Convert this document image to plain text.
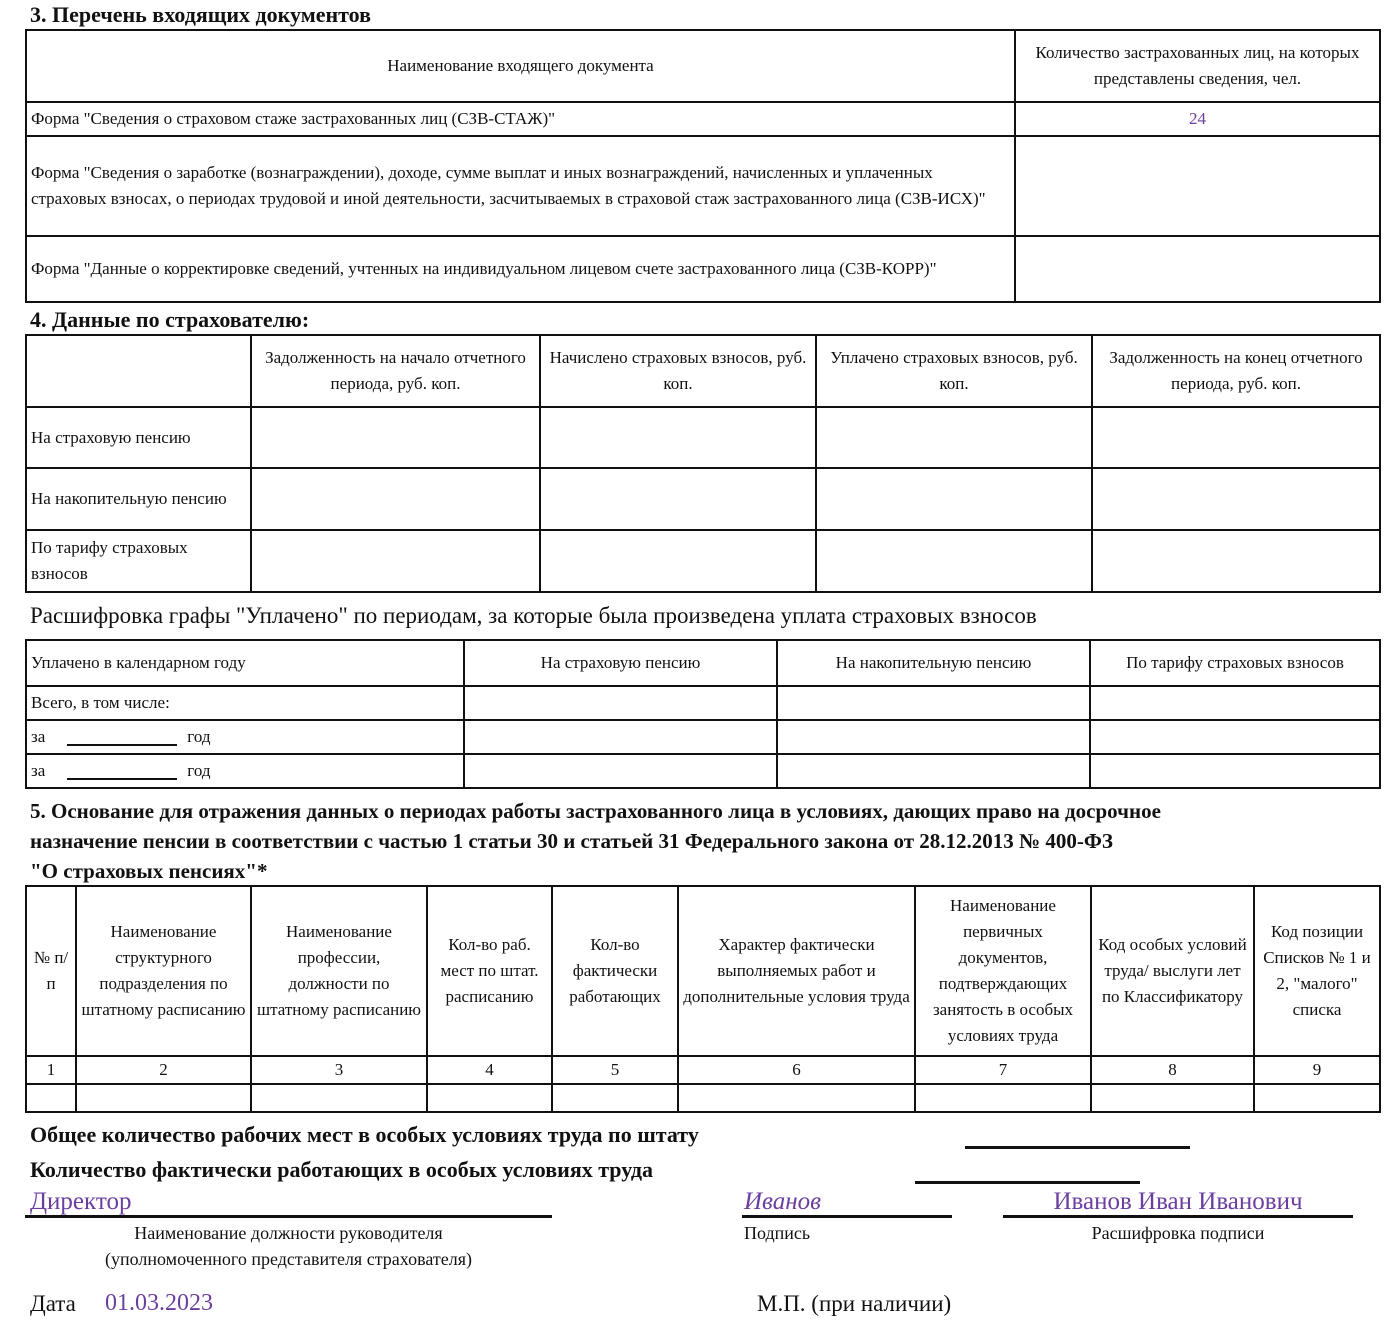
3. Перечень входящих документов
Наименование входящего документа	Количество застрахованных лиц, на которых представлены сведения, чел.
Форма "Сведения о страховом стаже застрахованных лиц (СЗВ-СТАЖ)"	24
Форма "Сведения о заработке (вознаграждении), доходе, сумме выплат и иных вознаграждений, начисленных и уплаченных страховых взносах, о периодах трудовой и иной деятельности, засчитываемых в страховой стаж застрахованного лица (СЗВ-ИСХ)"	
Форма "Данные о корректировке сведений, учтенных на индивидуальном лицевом счете застрахованного лица (СЗВ-КОРР)"	
4. Данные по страхователю:
	Задолженность на начало отчетного периода, руб. коп.	Начислено страховых взносов, руб. коп.	Уплачено страховых взносов, руб. коп.	Задолженность на конец отчетного периода, руб. коп.
На страховую пенсию				
На накопительную пенсию				
По тарифу страховых взносов				
Расшифровка графы "Уплачено" по периодам, за которые была произведена уплата страховых взносов
Уплачено в календарном году	На страховую пенсию	На накопительную пенсию	По тарифу страховых взносов
Всего, в том числе:			
за год			
за год			
5. Основание для отражения данных о периодах работы застрахованного лица в условиях, дающих право на досрочное
назначение пенсии в соответствии с частью 1 статьи 30 и статьей 31 Федерального закона от 28.12.2013 № 400-ФЗ
"О страховых пенсиях"*
№ п/п	Наименование структурного подразделения по штатному расписанию	Наименование профессии, должности по штатному расписанию	Кол-во раб. мест по штат. расписанию	Кол-во фактически работающих	Характер фактически выполняемых работ и дополнительные условия труда	Наименование первичных документов, подтверждающих занятость в особых условиях труда	Код особых условий труда/ выслуги лет по Классификатору	Код позиции Списков № 1 и 2, "малого" списка
1	2	3	4	5	6	7	8	9

Общее количество рабочих мест в особых условиях труда по штату
Количество фактически работающих в особых условиях труда
Директор
Наименование должности руководителя
(уполномоченного представителя страхователя)
Иванов
Подпись
Иванов Иван Иванович
Расшифровка подписи
Дата 01.03.2023	М.П. (при наличии)
